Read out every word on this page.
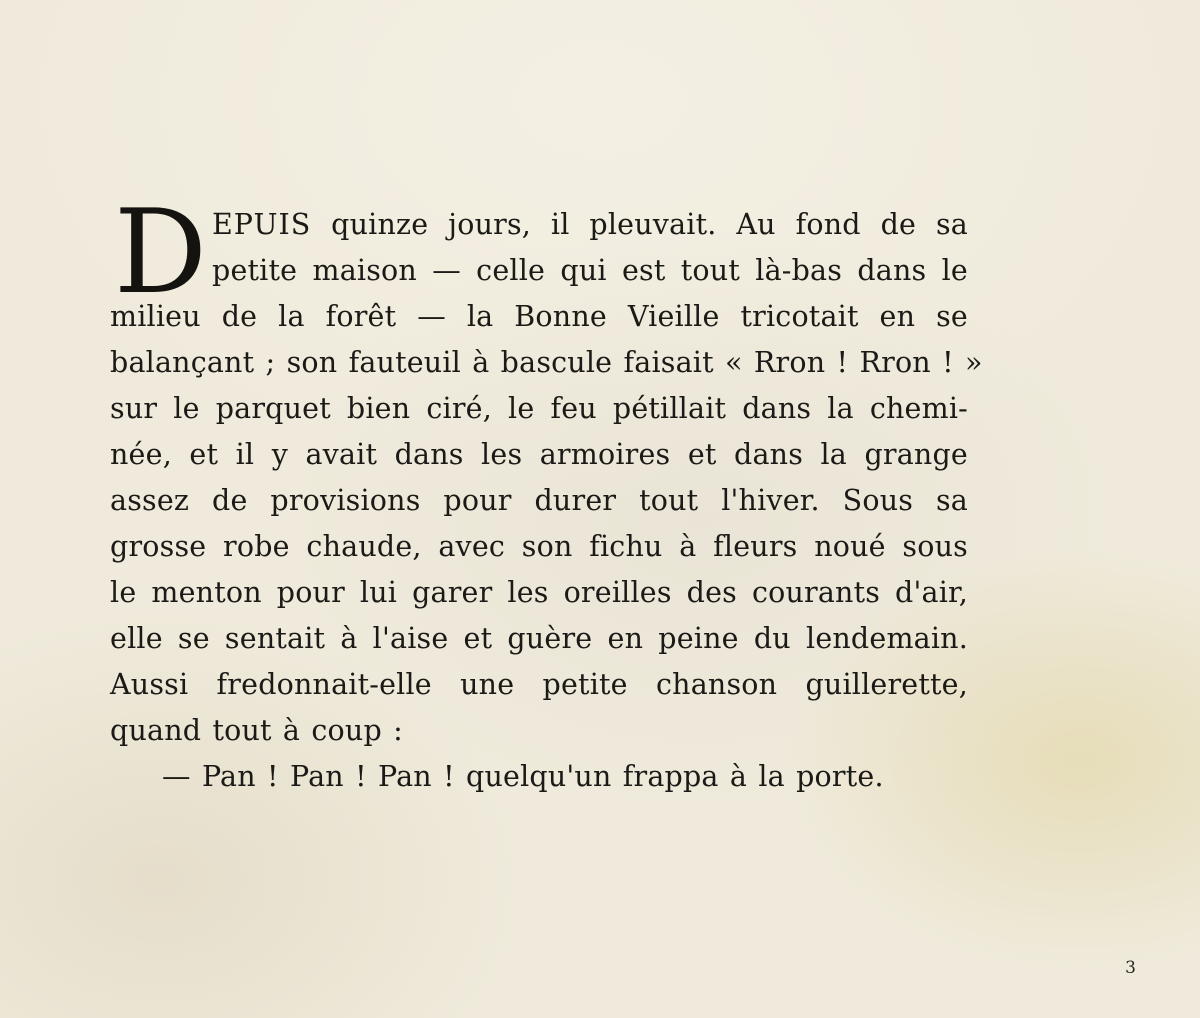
D EPUIS quinze jours, il pleuvait. Au fond de sa
petite maison — celle qui est tout là-bas dans le
milieu de la forêt — la Bonne Vieille tricotait en se
balançant ; son fauteuil à bascule faisait « Rron ! Rron ! »
sur le parquet bien ciré, le feu pétillait dans la chemi-
née, et il y avait dans les armoires et dans la grange
assez de provisions pour durer tout l'hiver. Sous sa
grosse robe chaude, avec son fichu à fleurs noué sous
le menton pour lui garer les oreilles des courants d'air,
elle se sentait à l'aise et guère en peine du lendemain.
Aussi fredonnait-elle une petite chanson guillerette,
quand tout à coup :
— Pan ! Pan ! Pan ! quelqu'un frappa à la porte.
3
